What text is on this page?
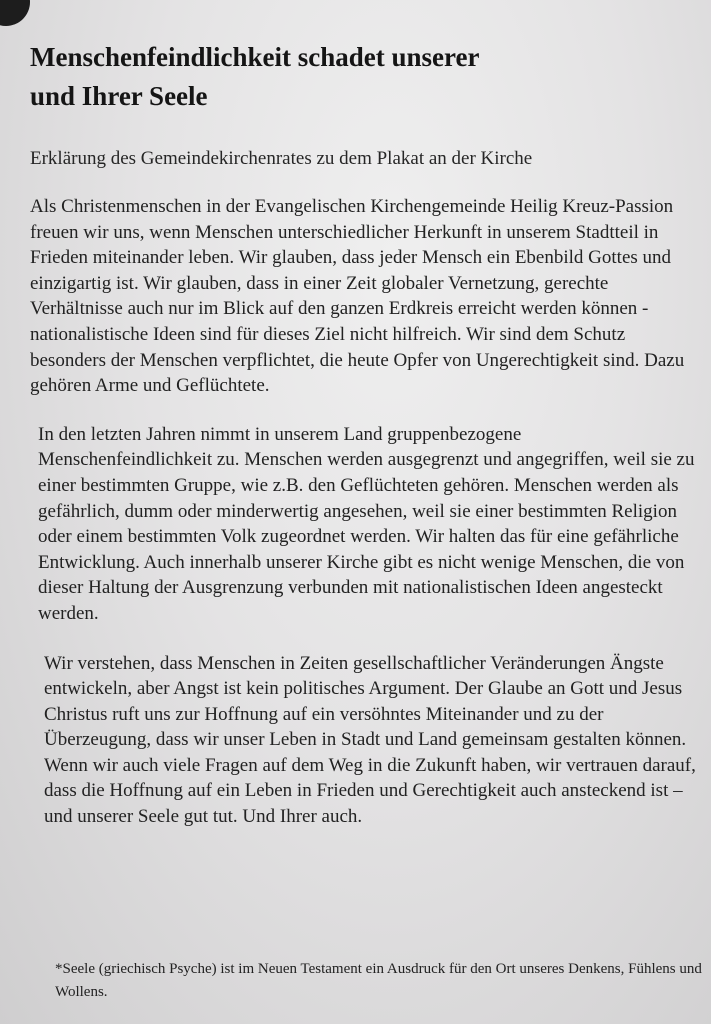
Menschenfeindlichkeit schadet unserer
und Ihrer Seele
Erklärung des Gemeindekirchenrates zu dem Plakat an der Kirche

Als Christenmenschen in der Evangelischen Kirchengemeinde Heilig Kreuz-Passion freuen wir uns, wenn Menschen unterschiedlicher Herkunft in unserem Stadtteil in Frieden miteinander leben. Wir glauben, dass jeder Mensch ein Ebenbild Gottes und einzigartig ist. Wir glauben, dass in einer Zeit globaler Vernetzung, gerechte Verhältnisse auch nur im Blick auf den ganzen Erdkreis erreicht werden können - nationalistische Ideen sind für dieses Ziel nicht hilfreich. Wir sind dem Schutz besonders der Menschen verpflichtet, die heute Opfer von Ungerechtigkeit sind. Dazu gehören Arme und Geflüchtete.

In den letzten Jahren nimmt in unserem Land gruppenbezogene Menschenfeindlichkeit zu. Menschen werden ausgegrenzt und angegriffen, weil sie zu einer bestimmten Gruppe, wie z.B. den Geflüchteten gehören. Menschen werden als gefährlich, dumm oder minderwertig angesehen, weil sie einer bestimmten Religion oder einem bestimmten Volk zugeordnet werden. Wir halten das für eine gefährliche Entwicklung. Auch innerhalb unserer Kirche gibt es nicht wenige Menschen, die von dieser Haltung der Ausgrenzung verbunden mit nationalistischen Ideen angesteckt werden.

Wir verstehen, dass Menschen in Zeiten gesellschaftlicher Veränderungen Ängste entwickeln, aber Angst ist kein politisches Argument. Der Glaube an Gott und Jesus Christus ruft uns zur Hoffnung auf ein versöhntes Miteinander und zu der Überzeugung, dass wir unser Leben in Stadt und Land gemeinsam gestalten können. Wenn wir auch viele Fragen auf dem Weg in die Zukunft haben, wir vertrauen darauf, dass die Hoffnung auf ein Leben in Frieden und Gerechtigkeit auch ansteckend ist – und unserer Seele gut tut. Und Ihrer auch.

*Seele (griechisch Psyche) ist im Neuen Testament ein Ausdruck für den Ort unseres Denkens, Fühlens und Wollens.
